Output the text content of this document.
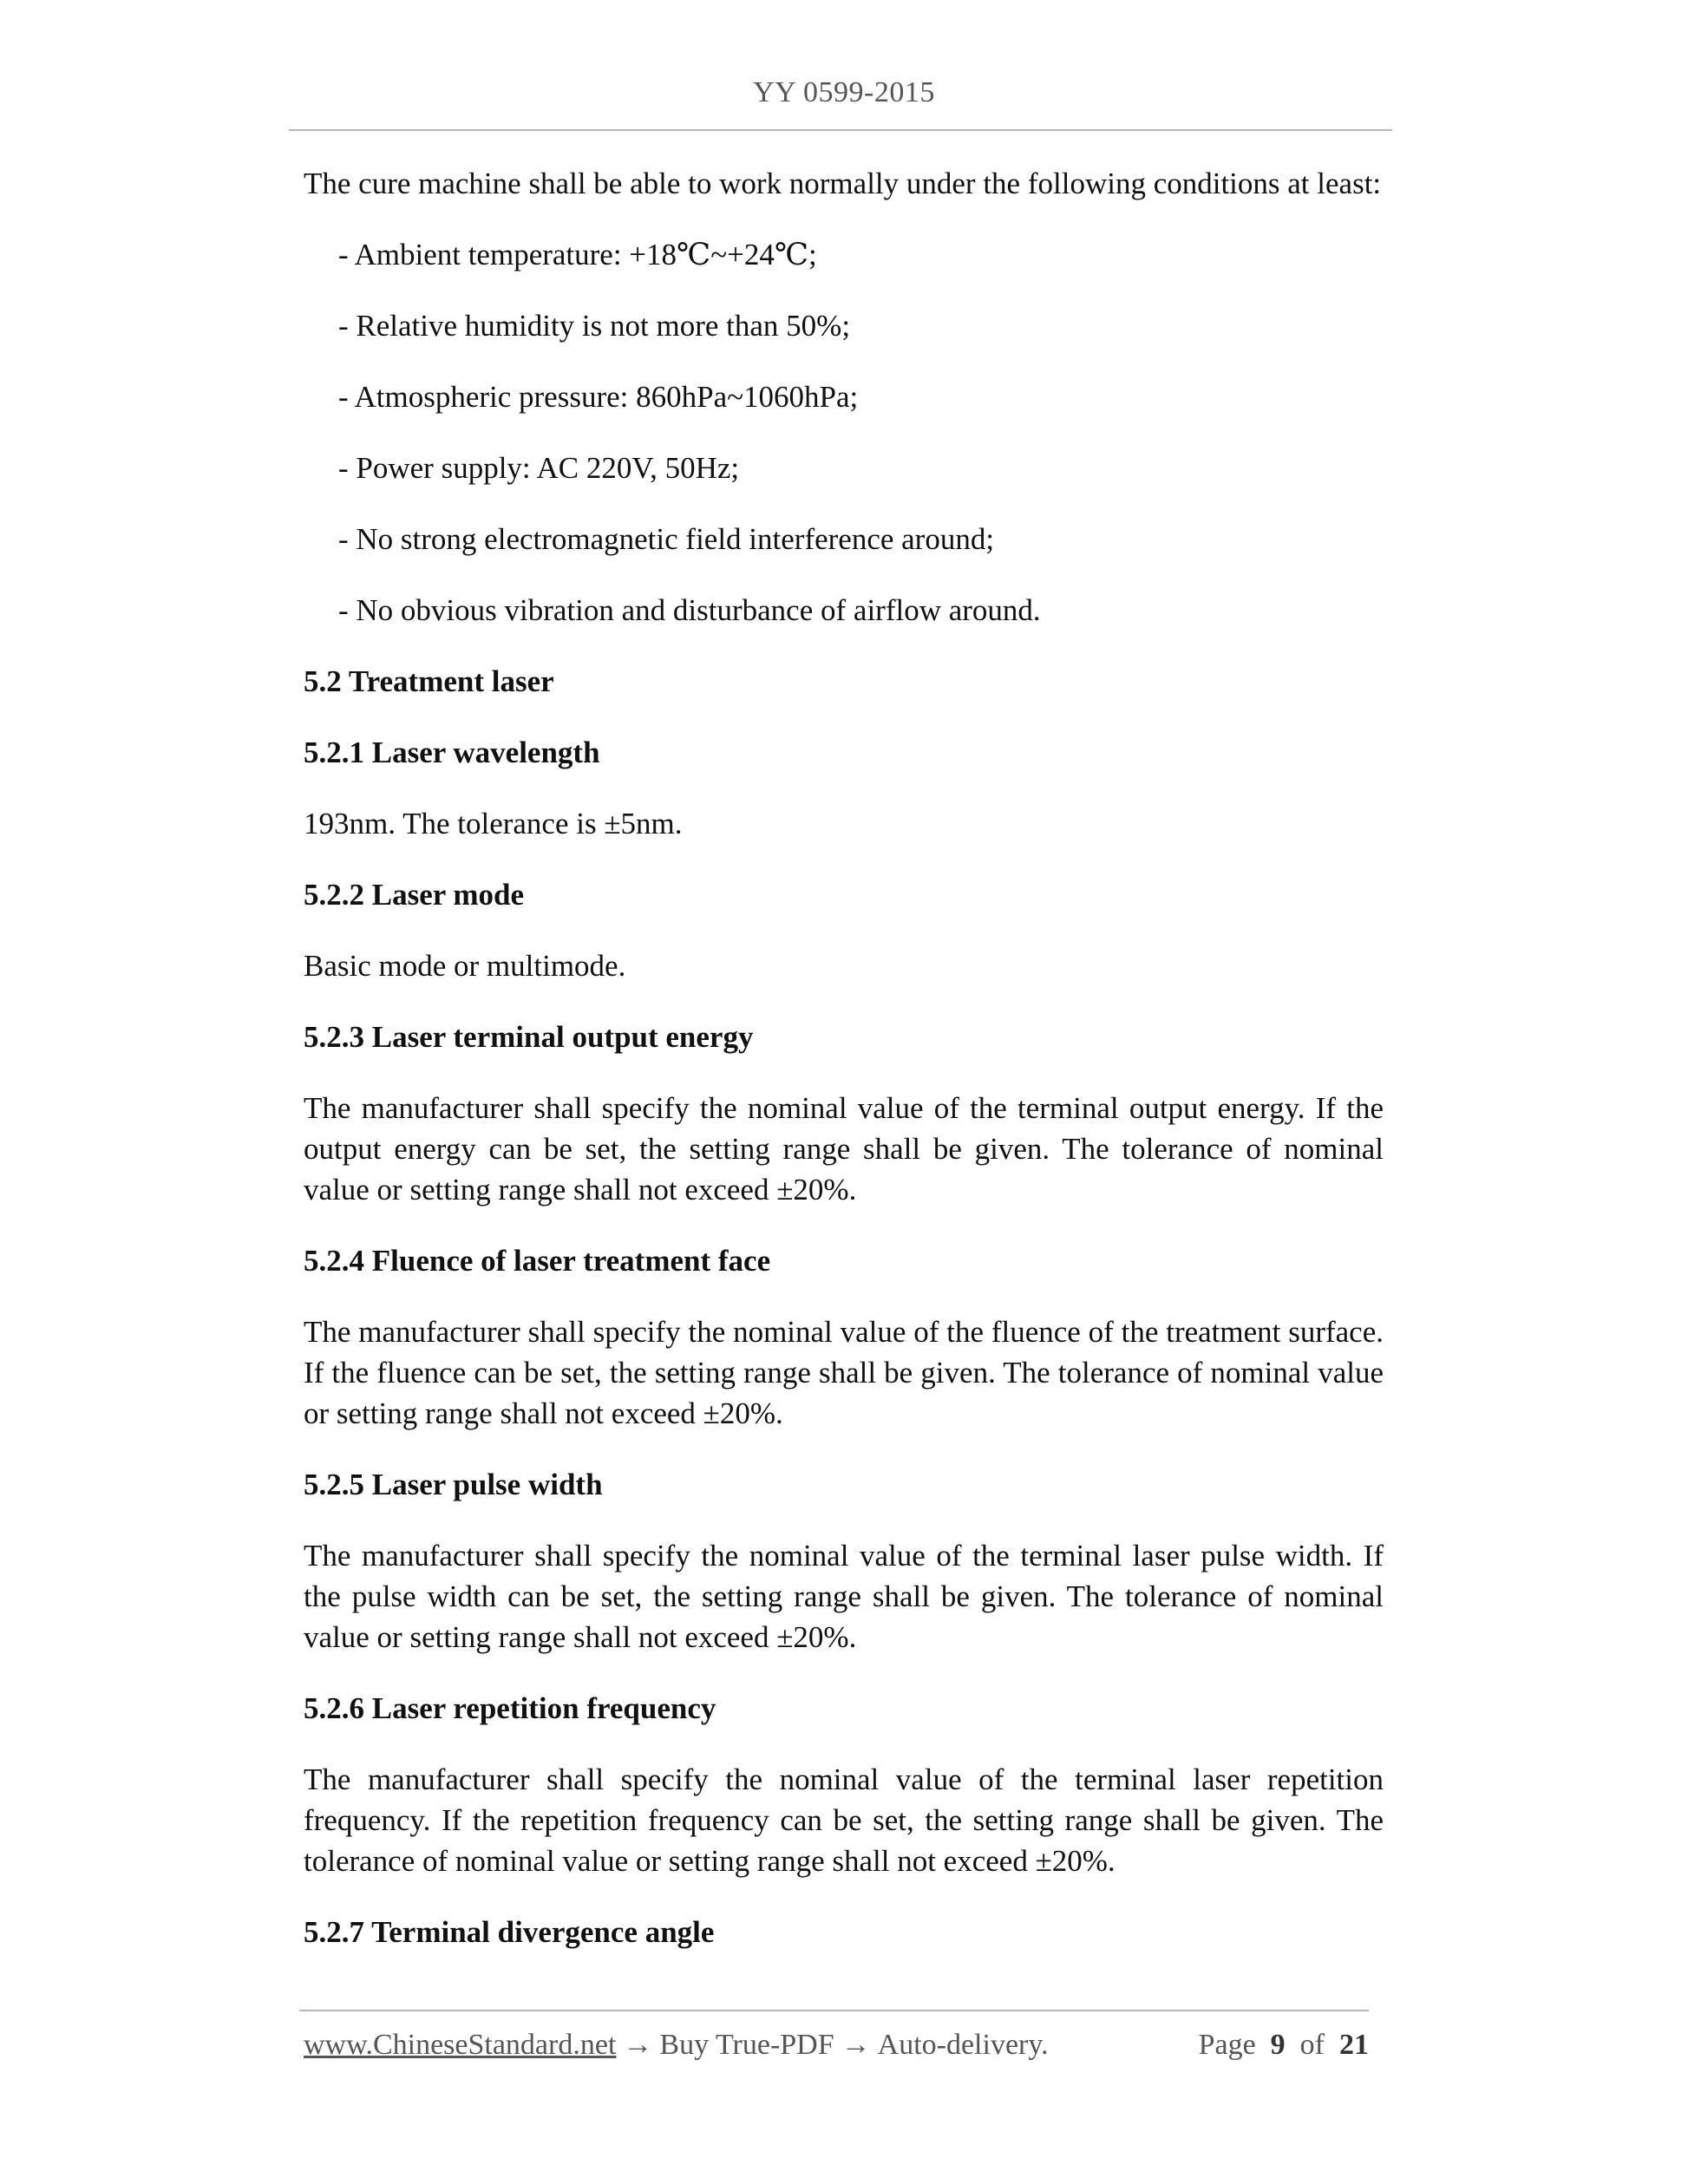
YY 0599-2015

The cure machine shall be able to work normally under the following conditions at least:

- Ambient temperature: +18℃~+24℃;

- Relative humidity is not more than 50%;

- Atmospheric pressure: 860hPa~1060hPa;

- Power supply: AC 220V, 50Hz;

- No strong electromagnetic field interference around;

- No obvious vibration and disturbance of airflow around.

5.2 Treatment laser

5.2.1 Laser wavelength

193nm. The tolerance is ±5nm.

5.2.2 Laser mode

Basic mode or multimode.

5.2.3 Laser terminal output energy

The manufacturer shall specify the nominal value of the terminal output energy. If the output energy can be set, the setting range shall be given. The tolerance of nominal value or setting range shall not exceed ±20%.

5.2.4 Fluence of laser treatment face

The manufacturer shall specify the nominal value of the fluence of the treatment surface. If the fluence can be set, the setting range shall be given. The tolerance of nominal value or setting range shall not exceed ±20%.

5.2.5 Laser pulse width

The manufacturer shall specify the nominal value of the terminal laser pulse width. If the pulse width can be set, the setting range shall be given. The tolerance of nominal value or setting range shall not exceed ±20%.

5.2.6 Laser repetition frequency

The manufacturer shall specify the nominal value of the terminal laser repetition frequency. If the repetition frequency can be set, the setting range shall be given. The tolerance of nominal value or setting range shall not exceed ±20%.

5.2.7 Terminal divergence angle

www.ChineseStandard.net → Buy True-PDF → Auto-delivery.	Page 9 of 21
